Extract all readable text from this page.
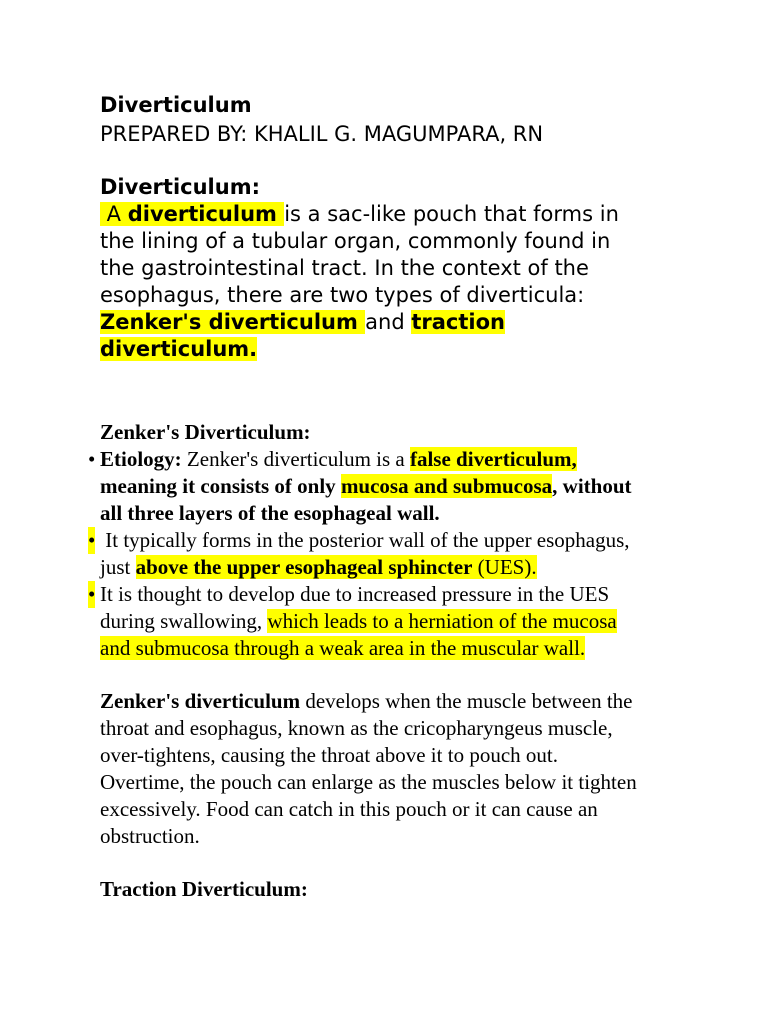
Diverticulum
PREPARED BY: KHALIL G. MAGUMPARA, RN
Diverticulum:
A diverticulum is a sac-like pouch that forms in
the lining of a tubular organ, commonly found in
the gastrointestinal tract. In the context of the
esophagus, there are two types of diverticula:
Zenker's diverticulum and traction
diverticulum.
Zenker's Diverticulum:
• Etiology: Zenker's diverticulum is a false diverticulum,
meaning it consists of only mucosa and submucosa, without
all three layers of the esophageal wall.
• It typically forms in the posterior wall of the upper esophagus,
just above the upper esophageal sphincter (UES).
• It is thought to develop due to increased pressure in the UES
during swallowing, which leads to a herniation of the mucosa
and submucosa through a weak area in the muscular wall.
Zenker's diverticulum develops when the muscle between the
throat and esophagus, known as the cricopharyngeus muscle,
over-tightens, causing the throat above it to pouch out.
Overtime, the pouch can enlarge as the muscles below it tighten
excessively. Food can catch in this pouch or it can cause an
obstruction.
Traction Diverticulum:
